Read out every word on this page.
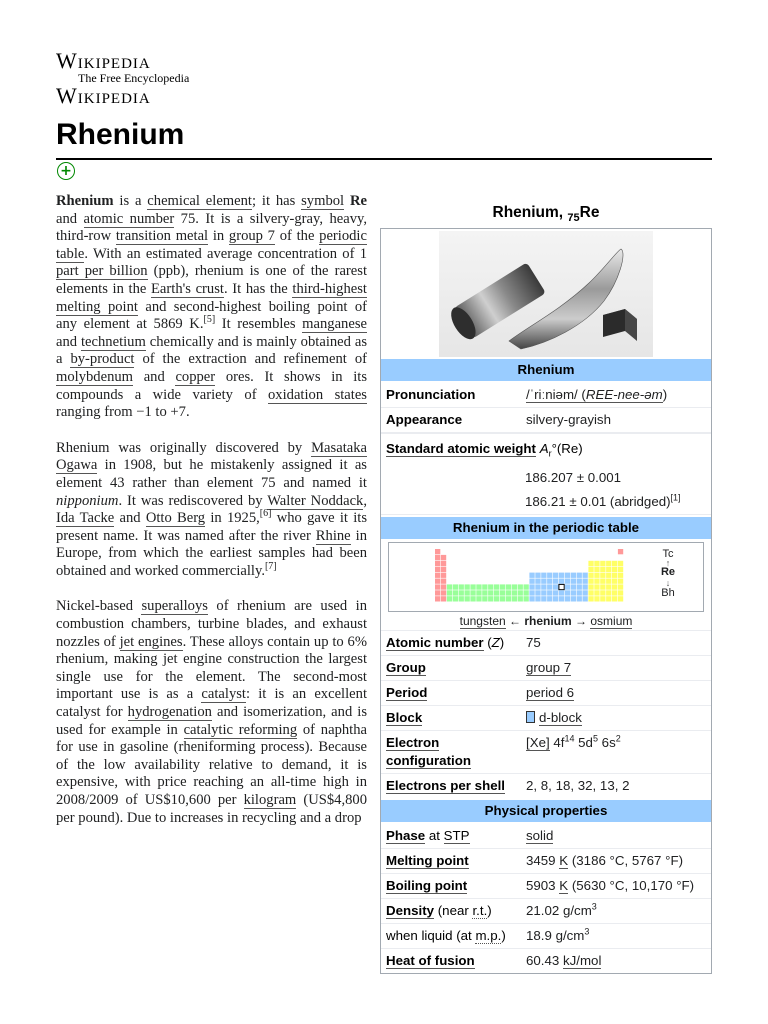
Wikipedia
The Free Encyclopedia
Wikipedia
Rhenium
+

Rhenium is a chemical element; it has symbol Re and atomic number 75. It is a silvery-gray, heavy, third-row transition metal in group 7 of the periodic table. With an estimated average concentration of 1 part per billion (ppb), rhenium is one of the rarest elements in the Earth's crust. It has the third-highest melting point and second-highest boiling point of any element at 5869 K.[5] It resembles manganese and technetium chemically and is mainly obtained as a by-product of the extraction and refinement of molybdenum and copper ores. It shows in its compounds a wide variety of oxidation states ranging from −1 to +7.

Rhenium was originally discovered by Masataka Ogawa in 1908, but he mistakenly assigned it as element 43 rather than element 75 and named it nipponium. It was rediscovered by Walter Noddack, Ida Tacke and Otto Berg in 1925,[6] who gave it its present name. It was named after the river Rhine in Europe, from which the earliest samples had been obtained and worked commercially.[7]

Nickel-based superalloys of rhenium are used in combustion chambers, turbine blades, and exhaust nozzles of jet engines. These alloys contain up to 6% rhenium, making jet engine construction the largest single use for the element. The second-most important use is as a catalyst: it is an excellent catalyst for hydrogenation and isomerization, and is used for example in catalytic reforming of naphtha for use in gasoline (rheniforming process). Because of the low availability relative to demand, it is expensive, with price reaching an all-time high in 2008/2009 of US$10,600 per kilogram (US$4,800 per pound). Due to increases in recycling and a drop

Rhenium, $_{75}$Re
Rhenium
Pronunciation	/ˈriːniəm/ (REE-nee-əm)
Appearance	silvery-grayish
Standard atomic weight $A_r^\circ(Re)$
186.207 ± 0.001
186.21 ± 0.01 (abridged)[1]
Rhenium in the periodic table
Tc
↑
Re
↓
Bh
tungsten ← rhenium → osmium
Atomic number (Z)	75
Group	group 7
Period	period 6
Block	d-block
Electron configuration
[Xe] $4f^{14}$ $5d^5$ $6s^2$
Electrons per shell	2, 8, 18, 32, 13, 2
Physical properties
Phase at STP	solid
Melting point	3459 K (3186 °C, 5767 °F)
Boiling point	5903 K (5630 °C, 10,170 °F)
Density (near r.t.)	21.02 $g/cm^3$
when liquid (at m.p.)	18.9 $g/cm^3$
Heat of fusion	60.43 kJ/mol
